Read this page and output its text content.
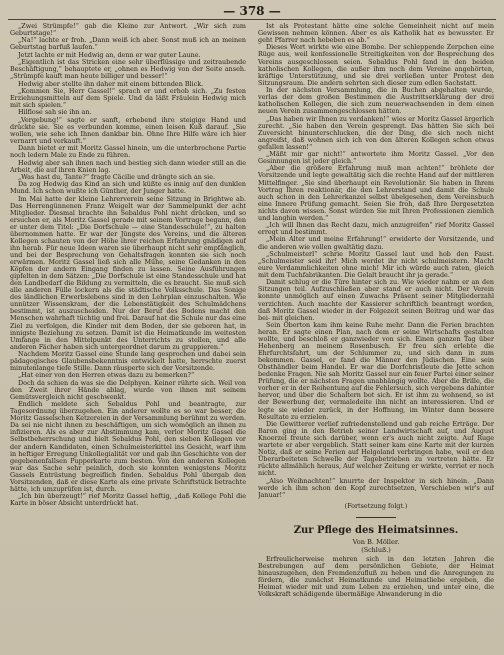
— 378 —

„Zwei Strümpfe!“ gab die Kleine zur Antwort. „Wir sich zum Geburtstage!“

„Na!“ lachte er froh. „Dann weiß ich aber. Sonst muß ich an meinen Geburtstag barfuß laufen.“

Jetzt lachte er mit Hedwig an, denn er war guter Laune.

„Eigentlich ist das Stricken eine sehr überflüssige und zeitraubende Beschäftigung,“ behauptete er, „ohnen es Hedwig von der Seite anseh. „Strümpfe kauft man heute billiger und besser!“

Hedwig aber stellte ihn daher mit einem bittenden Blick.

„Kommen Sie, Herr Gassel!“ sprach er und erhob sich. „Zu festen Erziehungsmitteln auf dem Spiele. Und da läßt Fräulein Hedwig mich mit sich spielen.“

Hilflose sah sie ihn an.

„Vergebung!“ sagte er sanft, erhebend ihre steigige Hand und drückte sie. Sie es verbunden komme, einen leisen Kuß darauf. „Sie wollen, wie sehe ich Ihnen dankbar bin. Ohne Ihre Hilfe wäre ich hier vernarrt und verkauft.“

Dann bietet er mit Moritz Gassel hinein, um die unterbrochene Partie noch ledern Male zu Ende zu führen.

Hedwig aber sah ihnen nach und bestieg sich dann wieder still an die Arbeit, die auf ihren Knien lag.

„Was hast du, Tante?“ fragte Cäcilie und drängte sich an sie.

Da zog Hedwig das Kind an sich und küßte es innig auf den dunklen Mund. Ich schon wußte ich Günther, der Junger hatte.

Im Mai hatte der kleine Lehrerverein seine Sitzung in Brightwe ab. Das Herrengünnenen Franz Weigelt war der Sammelpunkt der acht Mitglieder. Diesmal brachte ihn Sebaldus Pohl nicht drücken, und so ersuchen er, als Moritz Gassel gerade mit seinem Vortrage begann, den er unter dem Titel: „Die Dorfschule — eine Standesschule!“, zu halten übernommen hatte. Er war der Jüngste des Vereins, und die älteren Kollegen schauten von der Höhe ihrer reichen Erfahrung gnädigen auf ihn herab. Für neue Ideen waren sie überhaupt nicht sehr empfänglich, und bei der Besprechung von Gehaltsfragen konnten sie sich noch erwärmen. Moritz Gassel ließ sich alle Mühe, seine Gedanken in den Köpfen der andern Eingang finden zu lassen. Seine Ausführungen gipfelten in dem Sätzen: „Die Dorfschule ist eine Standesschule und hat den Landbedarf die Bildung zu vermitteln, die es braucht. Sie muß sich alle anderen Fülle lockern als die städtische Volksschule. Das Sonige des ländlichen Erwerbslebens sind in den Lehrplan einzuschalten. Wie unnützer Wissenskram, der die Lebenstätigkeit des Schulmädchens bestimmt, ist auszuscheiden. Nur der Beruf des Bodens macht den Menschen wahrhaft tüchtig und frei. Darauf hat die Schule nur das eine Ziel zu verfolgen, die Kinder mit dem Boden, der sie geboren hat, in innigste Beziehung zu setzen. Damit ist die Heimatkunde im weitesten Umfange in den Mittelpunkt des Unterrichts zu stellen, und alle anderen Fächer haben sich untergeordnet darum zu gruppieren.“

Nachdem Moritz Gassel eine Stunde lang gesprochen und dabei sein pädagogisches Glaubensbekenntnis entwickelt hatte, herrschte zuerst minutenlange tiefe Stille. Dann räusperte sich der Vorsitzende.

„Hat einer von den Herren etwas dazu zu bemerken?“

Doch da schien da was sie die Delphyen. Keiner rührte sich. Weil von den Zweit ihrer Hände ablag, wurde von ihnen mit seinem Gemütsvergleich nicht geschwenkt.

Endlich meldete sich Sebaldus Pohl und beantragte, zur Tagesordnung überzugehen. Ein anderer wollte es so war besser, die Moritz Gasselschen Ketzereien in der Versammlung berühmt zu werden. Da sei nie nicht ihnen zu beschäftigen, um sich womöglich an ihnen zu infizieren. Als es aber zur Abstimmung kam, verlor Moritz Gassel die Selbstbeherrschung und hielt Sebaldus Pohl, den sieben Kollegen vor der andern Kandidaten, einen Schulmeisterkittel ins Gesicht, warf ihm in heftiger Erregung Unkollegialität vor und gab ihn Geschichte von der gegebenenfallsen Pupperkarte zum besten. Von den anderen Kollegen war das Sache sehr peinlich, doch sie konnten wenigstens Moritz Gassels Entrüstung begreiflich finden. Sebaldus Pohl übergab den Vorsitzenden, daß er diese Karte als eine private Schriftstück betrachte hätte, ich umzuprüfen ist, durch.

„Ich bin überzeugt!“ rief Moritz Gassel heftig, „daß Kollege Pohl die Karte in böser Absicht unterdrückt hat.

Ist als Protestant hätte eine solche Gemeinheit nicht auf mein Gewissen nehmen können. Aber es als Katholik hat es bewusster. Er geht Pfarrer nach hebeben es ab.“

Dieses Wort wirkte wie eine Bombe. Der schleppende Zerpchen eine Rüge aus, weil konfessionelle Streitigkeiten von der Besprechung des Vereins ausgeschlossen seien. Sebaldus Pohl fand in den beiden katholischen Kollegen, die außer ihm noch dem Vereine angehörten, kräftige Unterstützung, und sie drei verließen unter Protest den Sitzungsraum. Die andern sehrten sich dieser zum edlen Sachstatt.

In der nächsten Versammlung, die in Buchen abgehalten wurde, verlas der dem großen Bestimmen die Austrittserklärung der drei katholischen Kollegen, die sich zum neuerwachsenden in dem einen neuen Verein zusammengeschlossen hätten.

„Das haben wir Ihnen zu verdanken!“ wies er Moritz Gassel ärgerlich zurecht. „Sie haben den Verein gesprengt. Das hätten Sie sich bei Zuversicht hinunterschlucken, die der Ding, die sich noch nicht angreifst, daß wohnen sich ich von den älteren Kollegen schon etwas gefallen lassen!“

„Mäßt mir gar nicht!“ antwortete ihm Moritz Gassel. „Vor den Gesinnungen ist jeder gleich.“

„Aber die größere Erfahrung muß man achten!“ bröhlete der Vorsitzende und legte gewaltätig sich die rechte Hand auf der mittleren Mittelfinger. „Sie sind überhaupt ein Revolutionär. Sie haben in Ihrem Vortrag Ihren reaktionär, die den Lehrerstand und damit die Schule auch schon in den Lehrerkanzel selbst übelgesehen, dem Vereinsbuch eine Innere Prüfung gemacht. Seien Sie froh, daß Ihre Dergesetzten nichts davon wissen. Sonst würden Sie mit Ihren Professionen ziemlich und langhin werden.“

„Ich will Ihnen das Recht dazu, mich anzugreifen“ rief Moritz Gassel erregt und bestimmt.

„Mein Alter und meine Erfahrung!“ erwiderte der Vorsitzende, und die anderen wie vollen gwaltätig dazu.

„Schulmeisterl“ schrie Moritz Gassel laut und hob den Faust. „Schulmeister seid ihr! Mich werdet ihr nicht schulmeistern. Macht eure Verdammlichkeiten ohne mich! Mir ich würde auch raten, gleich mit dem Tuchfabrikanten. Die Gelalt braucht ihr ja gerade.“

Damit schlug er die Türe hinter sich zu. Wie wieder nahm er an den Sitzungen teil. Aufzuschließen aber stand er auch nicht. Der Verein konnte unmöglich auf einen Zuwachs Präsent seiner Mitgliederzahl verzichten. Auch machte der Kassierer schriftlich beantragt worden, daß Moritz Gassel wieder in der Folgezeit seinen Beitrag und war das bei- mit gleichen.

Sein Oberton kam ihm keine Ruhe mehr. Dann die Ferien brachten heran. Er sagte einen Plan, nach dem er seine Wirtschafts gestalten wollte, und beschloß er ganzwieder von sich. Einen ganzen Tag über Hehenberg an meinem Rosenbusch. Er freu sich erlebte die Ehrfurchtsfahrt, um der Schlummer zu, und sich dann in zum bekommen. Gassel, er fand die Männer den Jüdischen. Eine sein Obsthändler beim Handel. Er war die Dorfchristleute die Jette schon bedenke Fragen. Nie sah Moritz Gassel nur ein feuer Partei einer seiner Prüfung, die er nächsten Fragen unabhängig wollte. Aber die Brille, die vorher er in der Reihentung auf die Fehlersuch, sich vergebens dahinter hervor, und über die Schaltern bot sich. Er ist ihm zu wohnend, so ist der Bewerbung der, vermaledeite ihn nicht an interessieren. Und er legte sie wieder zurück, in der Hoffnung, im Winter dann bessere Resultate zu erzielen.

Die Gewitterer verlief zufriedenstellend und gab reiche Erträge. Der Baron ging in den Betrieb seiner Landwirtschaft auf, und August Knoerzel freute sich darüber, wenn er's auch nicht zeigte. Auf Ruge wartete er aber vergeblich. Statt seiner kam eine Karte mit der kurzen Notiz, daß er seine Ferien auf Helgoland verbringen habe, weil er den Überarbeiteten Schwelle der Tagebetrieben zu vertreten hätte. Er rückte allmählich heraus, Auf welcher Zeitung er wirkte, verriet er noch nicht.

„Also Weihnachten!“ knurrte der Inspektor in sich hinein. „Dann werde ich ihm schon den Kopf zurechtsetzen, Verschieben wir's auf Januar!“

(Fortsetzung folgt.)
Zur Pflege des Heimatsinnes.
Von B. Möller.
(Schluß.)

Erfreulicherweise mehren sich in den letzten Jahren die Bestrebungen auf dem persönlichen Gebiete, der Heimat hinauszugehen, den Fremdenzufluß zu heben und die Anregungen zu fördern, die zunächst Heimatkunde und Heimatliebe ergeben, die Heimat wieder mit und zum Leben zu erziehen, und unter eine, die Volkskraft schädigende übermäßige Abwanderung in die
